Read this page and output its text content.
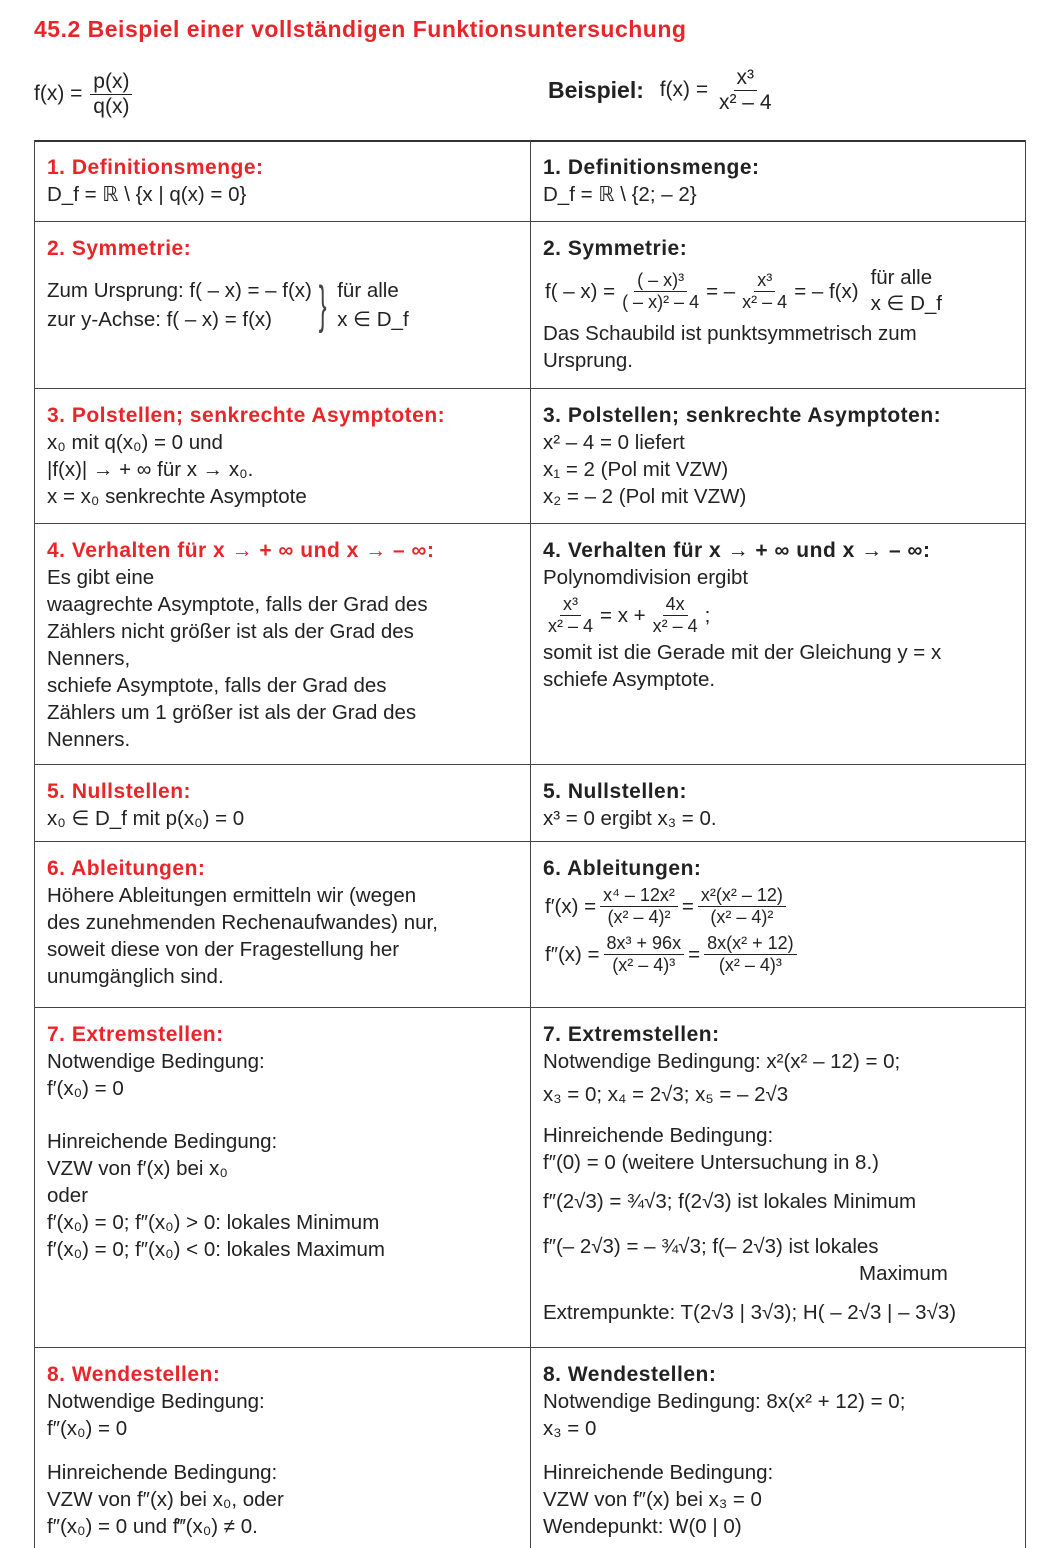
45.2 Beispiel einer vollständigen Funktionsuntersuchung
$f(x) = \frac{p(x)}{q(x)}$	Beispiel: $f(x) = \frac{\text{x³}}{\text{x² – 4}}$
1. Definitionsmenge:
D_f = ℝ \ {x | q(x) = 0}
1. Definitionsmenge:
D_f = ℝ \ {2; – 2}
2. Symmetrie:
Zum Ursprung: f( – x) = – f(x)
zur y-Achse: f( – x) = f(x) } für alle
x ∈ D_f
2. Symmetrie:
$f( - x) = \frac{\text{( – x)³}}{\text{( – x)² – 4}}$ = – $\frac{\text{x³}}{\text{x² – 4}}$ = – f(x)
für alle
x ∈ D_f
Das Schaubild ist punktsymmetrisch zum
Ursprung.
3. Polstellen; senkrechte Asymptoten:
x₀ mit q(x₀) = 0 und
|f(x)| → + ∞ für x → x₀.
x = x₀ senkrechte Asymptote
3. Polstellen; senkrechte Asymptoten:
x² – 4 = 0 liefert
x₁ = 2 (Pol mit VZW)
x₂ = – 2 (Pol mit VZW)
4. Verhalten für x → + ∞ und x → – ∞:
Es gibt eine
waagrechte Asymptote, falls der Grad des
Zählers nicht größer ist als der Grad des
Nenners,
schiefe Asymptote, falls der Grad des
Zählers um 1 größer ist als der Grad des
Nenners.
4. Verhalten für x → + ∞ und x → – ∞:
Polynomdivision ergibt
$\frac{\text{x³}}{\text{x² – 4}} = x + \frac{4x}{\text{x² – 4}}$ ;
somit ist die Gerade mit der Gleichung y = x
schiefe Asymptote.
5. Nullstellen:
x₀ ∈ D_f mit p(x₀) = 0
5. Nullstellen:
x³ = 0 ergibt x₃ = 0.
6. Ableitungen:
Höhere Ableitungen ermitteln wir (wegen
des zunehmenden Rechenaufwandes) nur,
soweit diese von der Fragestellung her
unumgänglich sind.
6. Ableitungen:
$f'(x) = \frac{\text{x⁴ – 12x²}}{\text{(x² – 4)²}} = \frac{\text{x²(x² – 12)}}{\text{(x² – 4)²}}$
$f''(x) = \frac{\text{8x³ + 96x}}{\text{(x² – 4)³}} = \frac{\text{8x(x² + 12)}}{\text{(x² – 4)³}}$
7. Extremstellen:
Notwendige Bedingung:
f′(x₀) = 0
Hinreichende Bedingung:
VZW von f′(x) bei x₀
oder
f′(x₀) = 0; f″(x₀) > 0: lokales Minimum
f′(x₀) = 0; f″(x₀) < 0: lokales Maximum
7. Extremstellen:
Notwendige Bedingung: x²(x² – 12) = 0;
x₃ = 0; x₄ = 2√3; x₅ = – 2√3
Hinreichende Bedingung:
f″(0) = 0 (weitere Untersuchung in 8.)
f″(2√3) = ¾√3; f(2√3) ist lokales Minimum
f″(– 2√3) = – ¾√3; f(– 2√3) ist lokales
Maximum
Extrempunkte: T(2√3 | 3√3); H( – 2√3 | – 3√3)
8. Wendestellen:
Notwendige Bedingung:
f″(x₀) = 0
Hinreichende Bedingung:
VZW von f″(x) bei x₀, oder
f″(x₀) = 0 und f‴(x₀) ≠ 0.
8. Wendestellen:
Notwendige Bedingung: 8x(x² + 12) = 0;
x₃ = 0
Hinreichende Bedingung:
VZW von f″(x) bei x₃ = 0
Wendepunkt: W(0 | 0)
